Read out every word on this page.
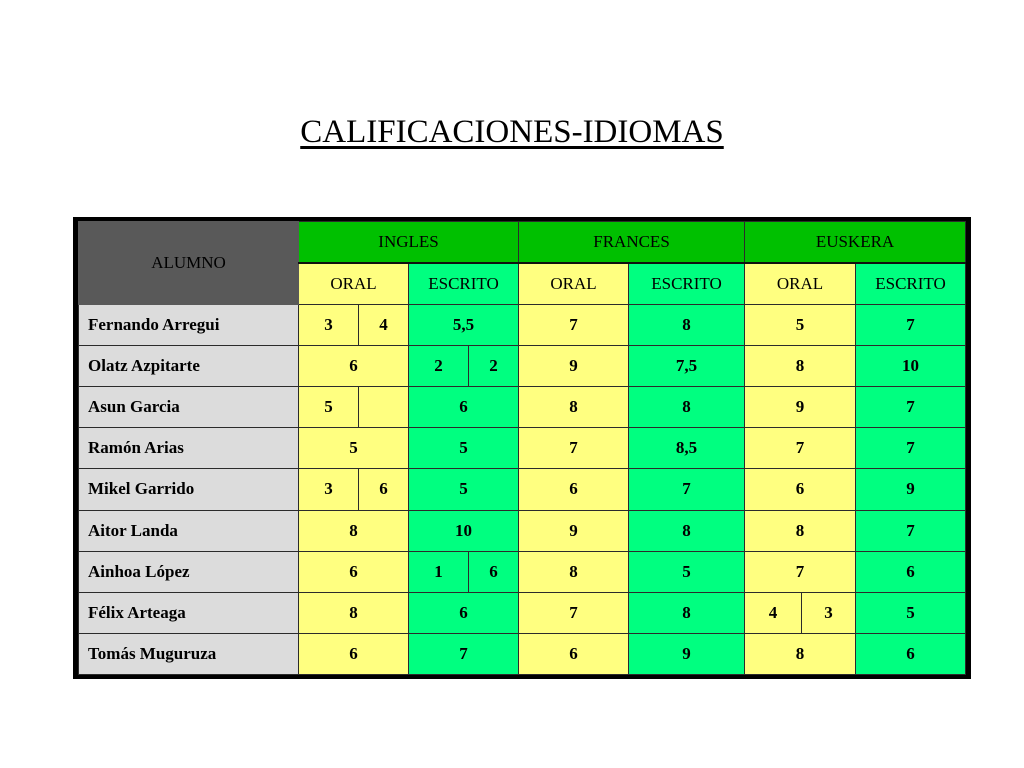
CALIFICACIONES-IDIOMAS
ALUMNO	INGLES				FRANCES		EUSKERA		
	ORAL		ESCRITO		ORAL	ESCRITO	ORAL		ESCRITO
Fernando Arregui	3	4	5,5		7	8	5		7
Olatz Azpitarte	6		2	2	9	7,5	8		10
Asun Garcia	5		6		8	8	9		7
Ramón Arias	5		5		7	8,5	7		7
Mikel Garrido	3	6	5		6	7	6		9
Aitor Landa	8		10		9	8	8		7
Ainhoa López	6		1	6	8	5	7		6
Félix Arteaga	8		6		7	8	4	3	5
Tomás Muguruza	6		7		6	9	8		6
